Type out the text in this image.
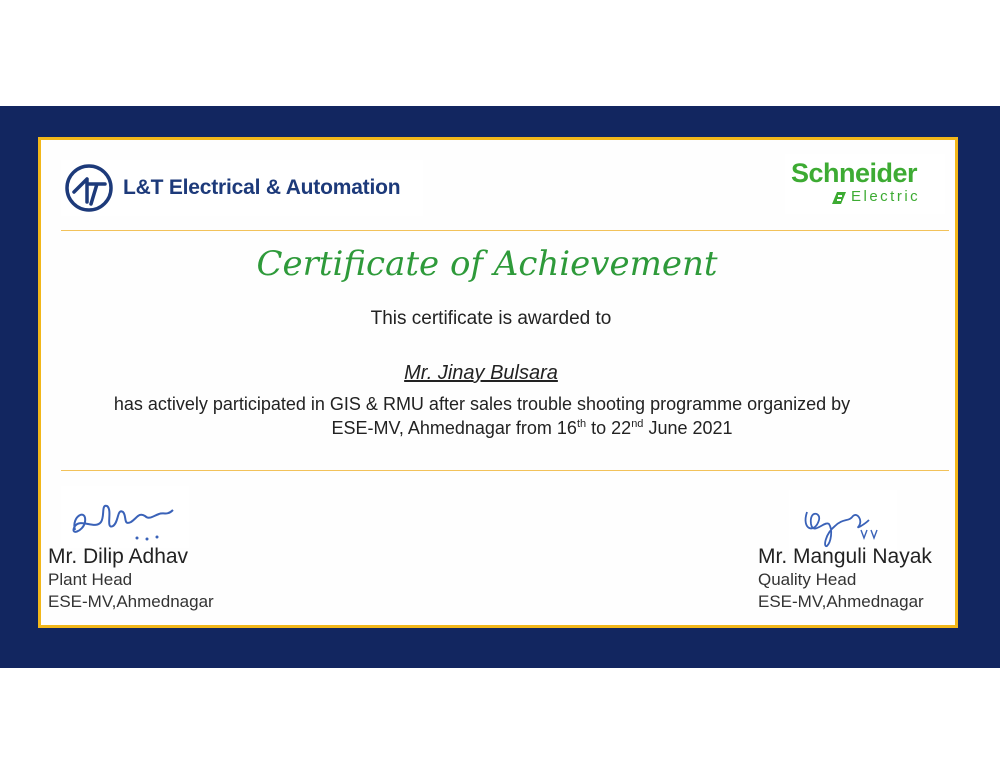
L&T Electrical & Automation	Schneider
Electric
Certificate of Achievement
This certificate is awarded to
Mr. Jinay Bulsara
has actively participated in GIS & RMU after sales trouble shooting programme organized by
ESE-MV, Ahmednagar from 16th to 22nd June 2021
Mr. Dilip Adhav
Plant Head
ESE-MV,Ahmednagar
Mr. Manguli Nayak
Quality Head
ESE-MV,Ahmednagar
